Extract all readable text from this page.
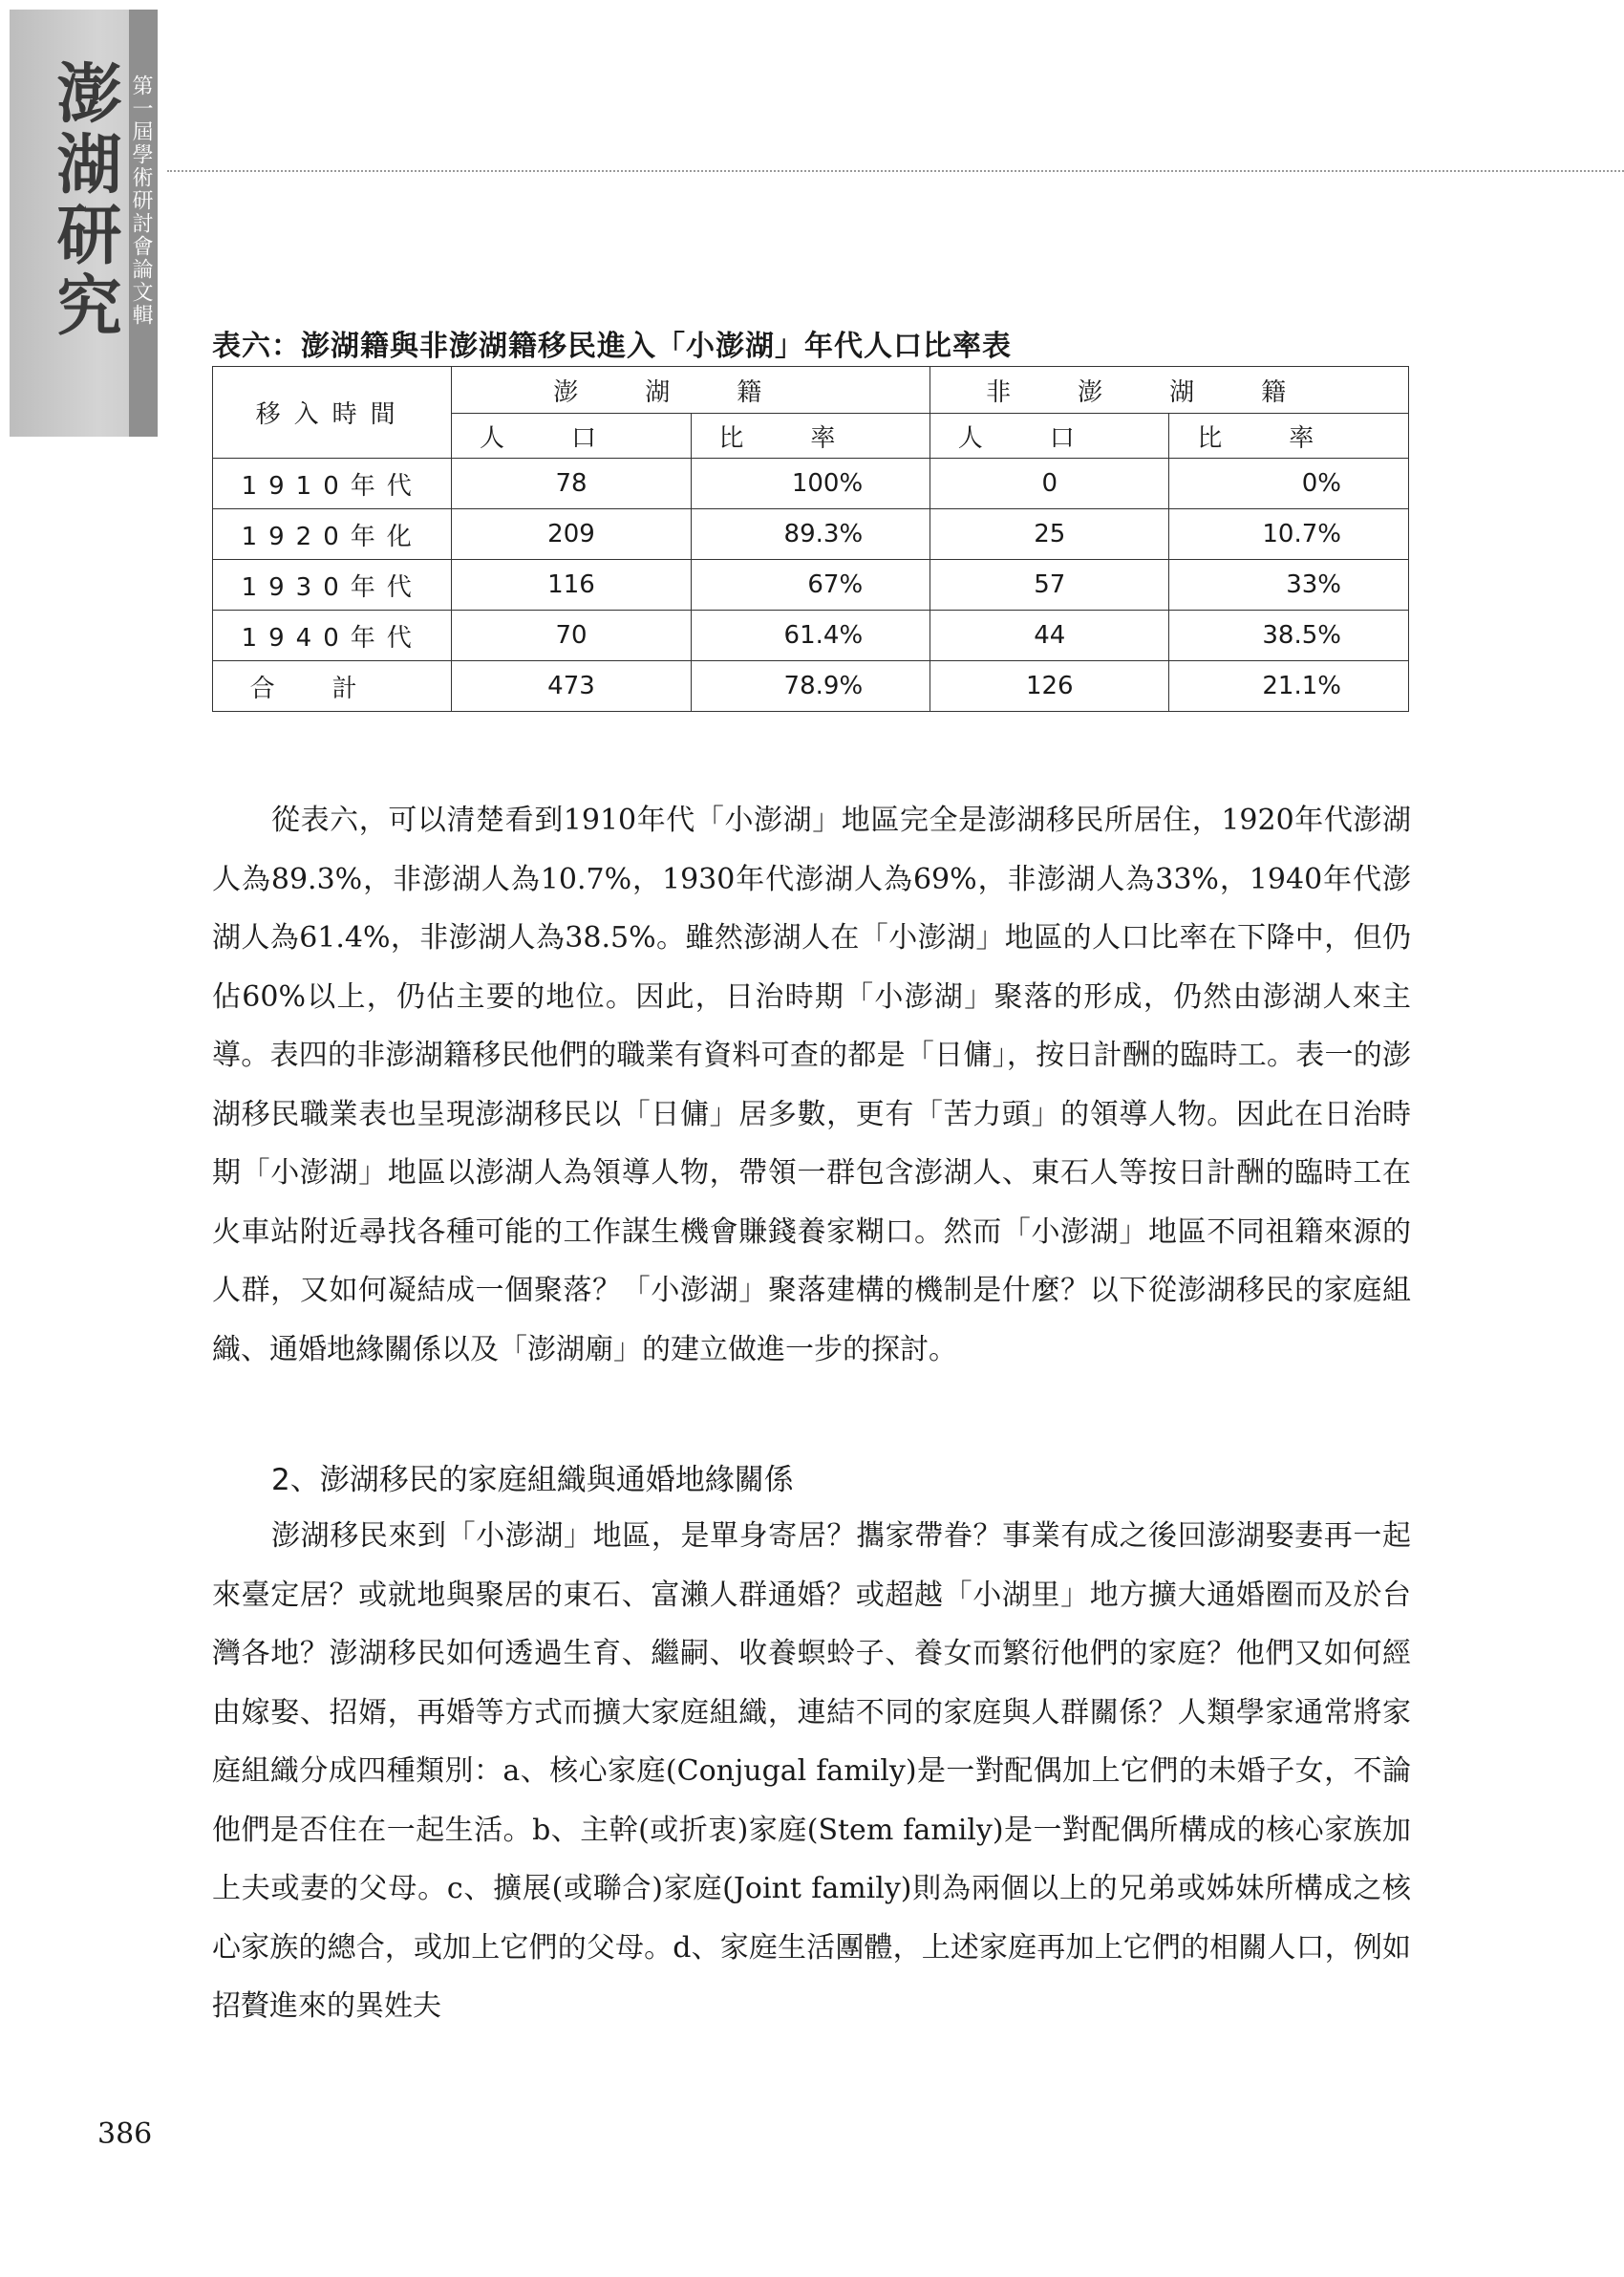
澎湖研究 第一屆學術研討會論文輯
表六：澎湖籍與非澎湖籍移民進入「小澎湖」年代人口比率表
移入時間	澎湖籍		非澎湖籍	
	人口	比率	人口	比率
1910年代	78	100%	0	0%
1920年化	209	89.3%	25	10.7%
1930年代	116	67%	57	33%
1940年代	70	61.4%	44	38.5%
合計	473	78.9%	126	21.1%

從表六，可以清楚看到1910年代「小澎湖」地區完全是澎湖移民所居住，1920年代澎湖人為89.3%，非澎湖人為10.7%，1930年代澎湖人為69%，非澎湖人為33%，1940年代澎湖人為61.4%，非澎湖人為38.5%。雖然澎湖人在「小澎湖」地區的人口比率在下降中，但仍佔60%以上，仍佔主要的地位。因此，日治時期「小澎湖」聚落的形成，仍然由澎湖人來主導。表四的非澎湖籍移民他們的職業有資料可查的都是「日傭」，按日計酬的臨時工。表一的澎湖移民職業表也呈現澎湖移民以「日傭」居多數，更有「苦力頭」的領導人物。因此在日治時期「小澎湖」地區以澎湖人為領導人物，帶領一群包含澎湖人、東石人等按日計酬的臨時工在火車站附近尋找各種可能的工作謀生機會賺錢養家糊口。然而「小澎湖」地區不同祖籍來源的人群，又如何凝結成一個聚落？「小澎湖」聚落建構的機制是什麼？以下從澎湖移民的家庭組織、通婚地緣關係以及「澎湖廟」的建立做進一步的探討。

2、澎湖移民的家庭組織與通婚地緣關係

澎湖移民來到「小澎湖」地區，是單身寄居？攜家帶眷？事業有成之後回澎湖娶妻再一起來臺定居？或就地與聚居的東石、富瀨人群通婚？或超越「小湖里」地方擴大通婚圈而及於台灣各地？澎湖移民如何透過生育、繼嗣、收養螟蛉子、養女而繁衍他們的家庭？他們又如何經由嫁娶、招婿，再婚等方式而擴大家庭組織，連結不同的家庭與人群關係？人類學家通常將家庭組織分成四種類別：a、核心家庭(Conjugal family)是一對配偶加上它們的未婚子女，不論他們是否住在一起生活。b、主幹(或折衷)家庭(Stem family)是一對配偶所構成的核心家族加上夫或妻的父母。c、擴展(或聯合)家庭(Joint family)則為兩個以上的兄弟或姊妹所構成之核心家族的總合，或加上它們的父母。d、家庭生活團體，上述家庭再加上它們的相關人口，例如招贅進來的異姓夫

386
